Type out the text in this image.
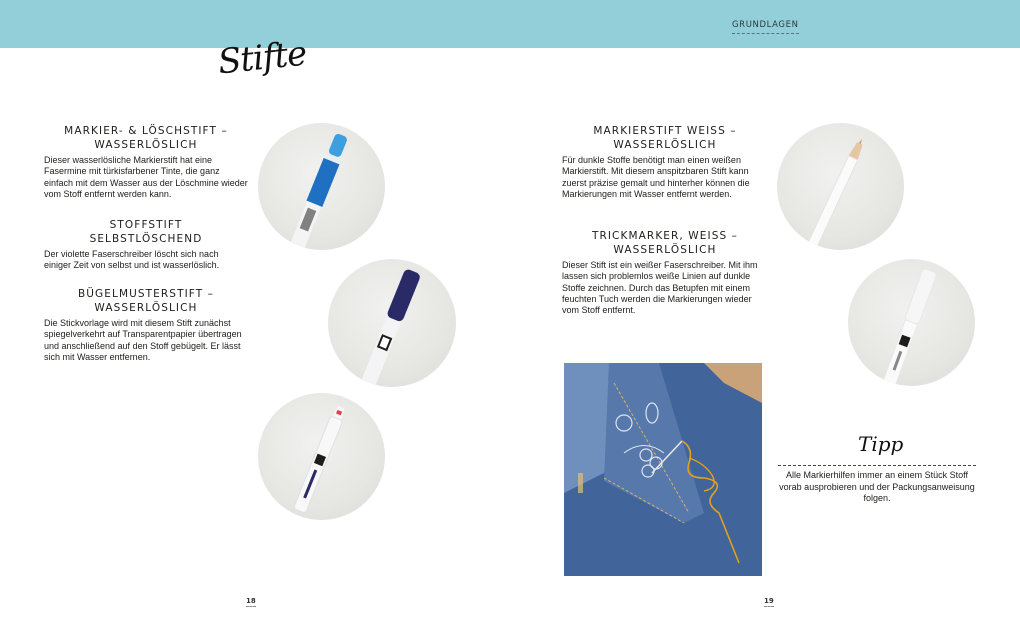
GRUNDLAGEN
Stifte
MARKIER- & LÖSCHSTIFT –
WASSERLÖSLICH
Dieser wasserlösliche Markierstift hat eine Fasermine mit türkisfarbener Tinte, die ganz einfach mit dem Wasser aus der Löschmine wieder vom Stoff entfernt werden kann.
STOFFSTIFT
SELBSTLÖSCHEND
Der violette Faserschreiber löscht sich nach einiger Zeit von selbst und ist wasserlöslich.
BÜGELMUSTERSTIFT –
WASSERLÖSLICH
Die Stickvorlage wird mit diesem Stift zunächst spiegelverkehrt auf Transparentpapier übertragen und anschließend auf den Stoff gebügelt. Er lässt sich mit Wasser entfernen.
18
MARKIERSTIFT WEISS –
WASSERLÖSLICH
Für dunkle Stoffe benötigt man einen weißen Markierstift. Mit diesem anspitzbaren Stift kann zuerst präzise gemalt und hinterher können die Markierungen mit Wasser entfernt werden.
TRICKMARKER, WEISS –
WASSERLÖSLICH
Dieser Stift ist ein weißer Faserschreiber. Mit ihm lassen sich problemlos weiße Linien auf dunkle Stoffe zeichnen. Durch das Betupfen mit einem feuchten Tuch werden die Markierungen wieder vom Stoff entfernt.
Tipp
Alle Markierhilfen immer an einem Stück Stoff vorab ausprobieren und der Packungsanweisung folgen.
19
